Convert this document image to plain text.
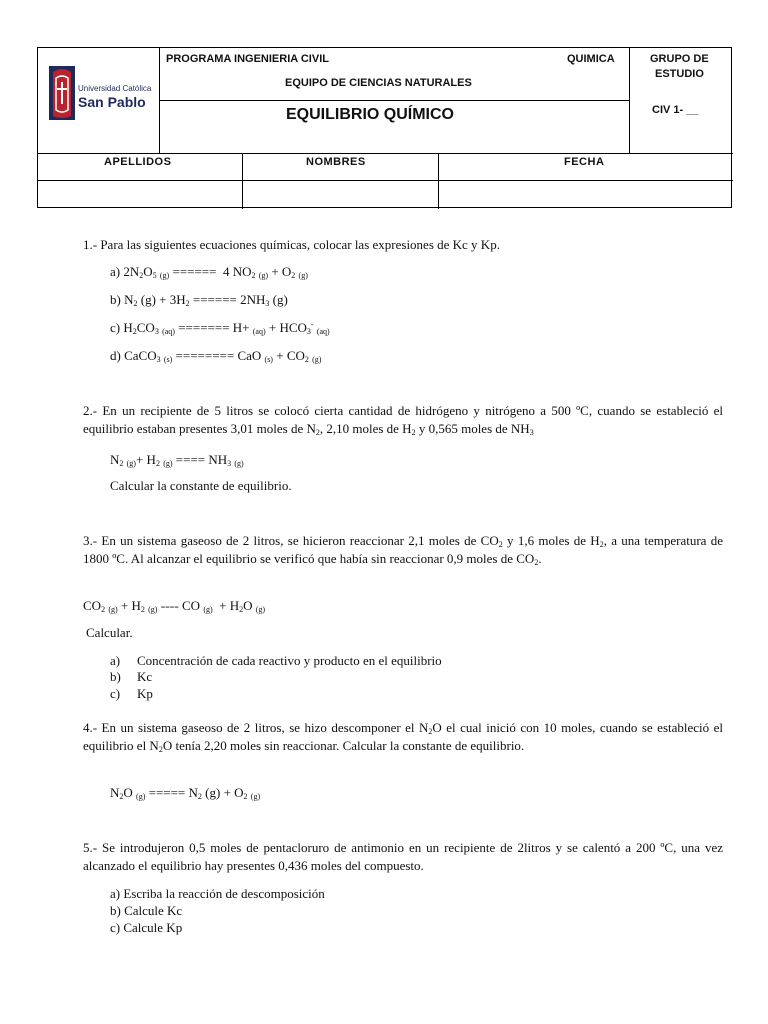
Universidad Católica
San Pablo
PROGRAMA INGENIERIA CIVIL	QUIMICA	GRUPO DE
ESTUDIO
EQUIPO DE CIENCIAS NATURALES
EQUILIBRIO QUÍMICO	CIV 1- __
APELLIDOS	NOMBRES	FECHA
1.- Para las siguientes ecuaciones químicas, colocar las expresiones de Kc y Kp.
a) $2N_2O_5$ $_{(g)}$ ======  4 $NO_2$ $_{(g)} + O_2$ $_{(g)}$
b) $N_2$ $(g) + 3H_2$ ====== $2NH_3$ (g)
c) $H_2CO_3$ $_{(aq)}$ ======= $H+ _{(aq)} + HCO_3^-$ $_{(aq)}$
d) CaCO$_3$ $_{(s)}$ ======== CaO $_{(s)} + CO_2$ $_{(g)}$
2.- En un recipiente de 5 litros se colocó cierta cantidad de hidrógeno y nitrógeno a 500 ºC, cuando se estableció el equilibrio estaban presentes 3,01 moles de $N_2$, 2,10 moles de $H_2$ y 0,565 moles de $NH_3$
$N_2$ $_{(g)}+ H_2$ $_{(g)}$ ==== $NH_3$ $_{(g)}$
Calcular la constante de equilibrio.
3.- En un sistema gaseoso de 2 litros, se hicieron reaccionar 2,1 moles de $CO_2$ y 1,6 moles de $H_2$, a una temperatura de 1800 ºC. Al alcanzar el equilibrio se verificó que había sin reaccionar 0,9 moles de $CO_2$.
$CO_2$ $_{(g)} + H_2$ $_{(g)}$ ==== CO $_{(g)} + H_2O$ $_{(g)}$
Calcular.
a) Concentración de cada reactivo y producto en el equilibrio
b) Kc
c) Kp
4.- En un sistema gaseoso de 2 litros, se hizo descomponer el $N_2O$ el cual inició con 10 moles, cuando se estableció el equilibrio el $N_2O$ tenía 2,20 moles sin reaccionar. Calcular la constante de equilibrio.
$N_2O$ $_{(g)}$ ===== $N_2$ $(g) + O_2$ $_{(g)}$
5.- Se introdujeron 0,5 moles de pentacloruro de antimonio en un recipiente de 2litros y se calentó a 200 ºC, una vez alcanzado el equilibrio hay presentes 0,436 moles del compuesto.
a) Escriba la reacción de descomposición
b) Calcule Kc
c) Calcule Kp
